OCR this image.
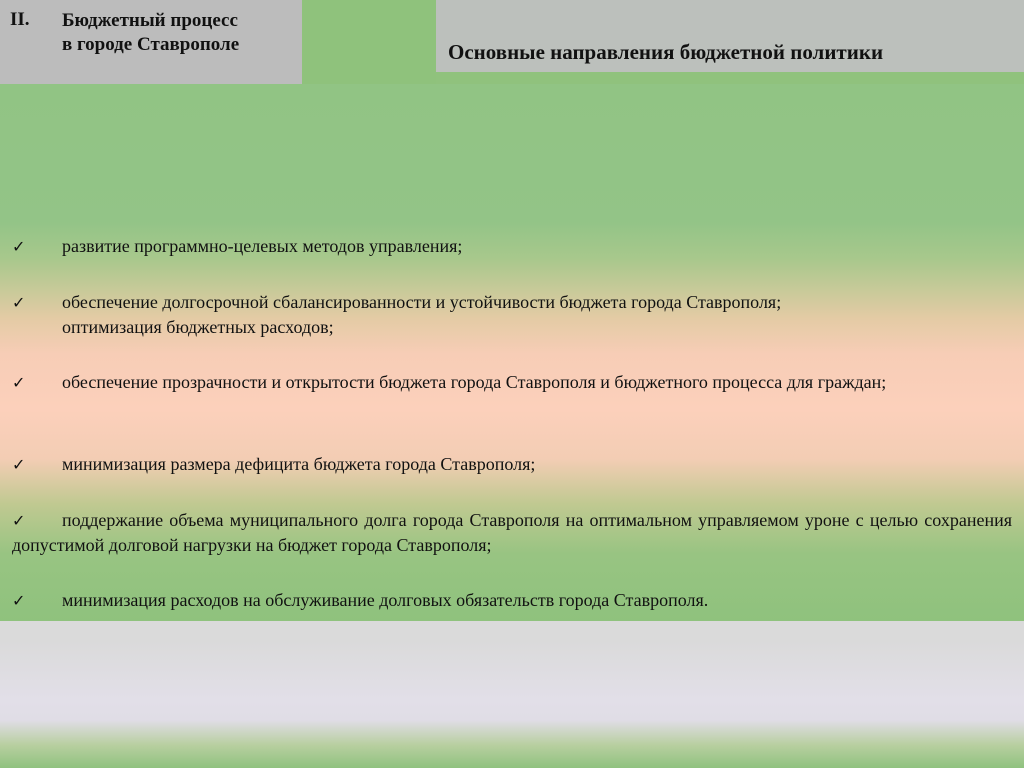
II. Бюджетный процесс
в городе Ставрополе	Основные направления бюджетной политики
✓	развитие программно-целевых методов управления;
✓	обеспечение долгосрочной сбалансированности и устойчивости бюджета города Ставрополя;
оптимизация бюджетных расходов;
✓	обеспечение прозрачности и открытости бюджета города Ставрополя и бюджетного процесса для граждан;
✓	минимизация размера дефицита бюджета города Ставрополя;
✓	поддержание объема муниципального долга города Ставрополя на оптимальном управляемом уроне с целью сохранения допустимой долговой нагрузки на бюджет города Ставрополя;
✓	минимизация расходов на обслуживание долговых обязательств города Ставрополя.
